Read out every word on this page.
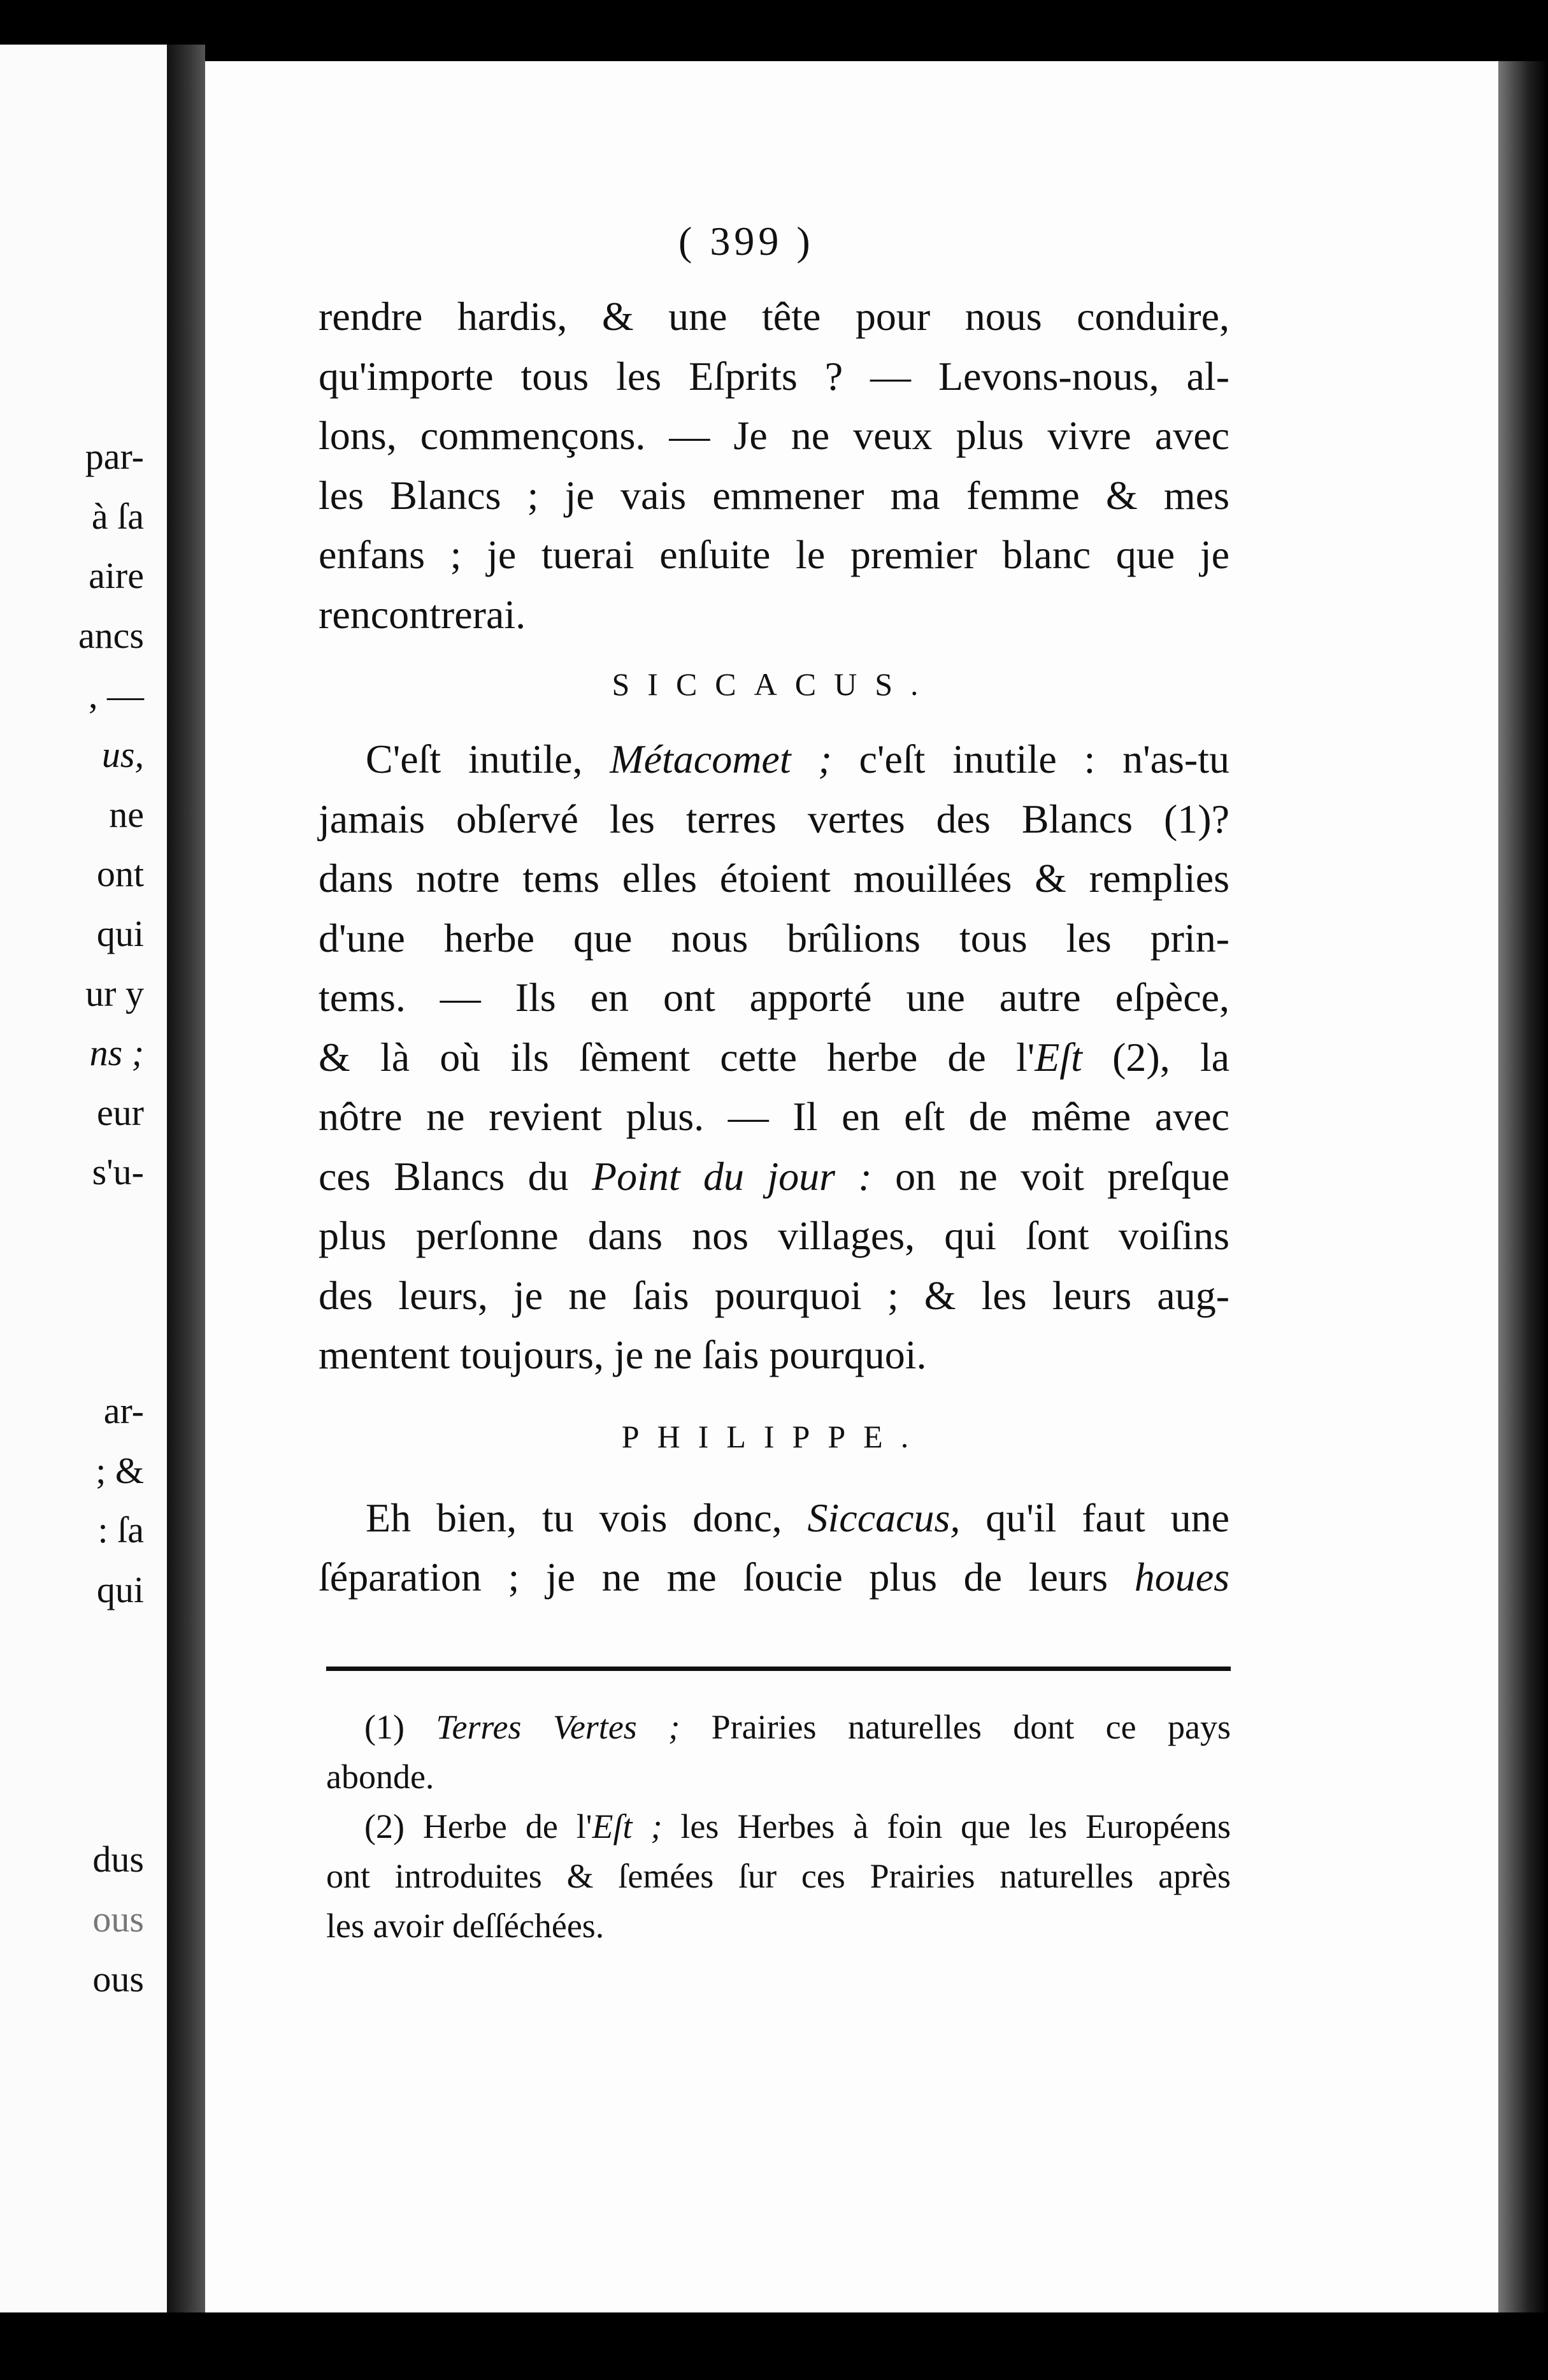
par-
à ſa
aire
ancs
, —
us,
ne
ont
qui
ur y
ns ;
eur
s'u-
ar-
; &
: ſa
qui
dus
ous
ous
( 399 )

rendre hardis, & une tête pour nous conduire,
qu'importe tous les Eſprits ? — Levons-nous, al-
lons, commençons. — Je ne veux plus vivre avec
les Blancs ; je vais emmener ma femme & mes
enfans ; je tuerai enſuite le premier blanc que je
rencontrerai.

SICCACUS.

C'eſt inutile, Métacomet ; c'eſt inutile : n'as-tu
jamais obſervé les terres vertes des Blancs (1)?
dans notre tems elles étoient mouillées & remplies
d'une herbe que nous brûlions tous les prin-
tems. — Ils en ont apporté une autre eſpèce,
& là où ils ſèment cette herbe de l'Eſt (2), la
nôtre ne revient plus. — Il en eſt de même avec
ces Blancs du Point du jour : on ne voit preſque
plus perſonne dans nos villages, qui ſont voiſins
des leurs, je ne ſais pourquoi ; & les leurs aug-
mentent toujours, je ne ſais pourquoi.

PHILIPPE.

Eh bien, tu vois donc, Siccacus, qu'il faut une
ſéparation ; je ne me ſoucie plus de leurs houes

(1) Terres Vertes ; Prairies naturelles dont ce pays
abonde.

(2) Herbe de l'Eſt ; les Herbes à foin que les Européens
ont introduites & ſemées ſur ces Prairies naturelles après
les avoir deſſéchées.
